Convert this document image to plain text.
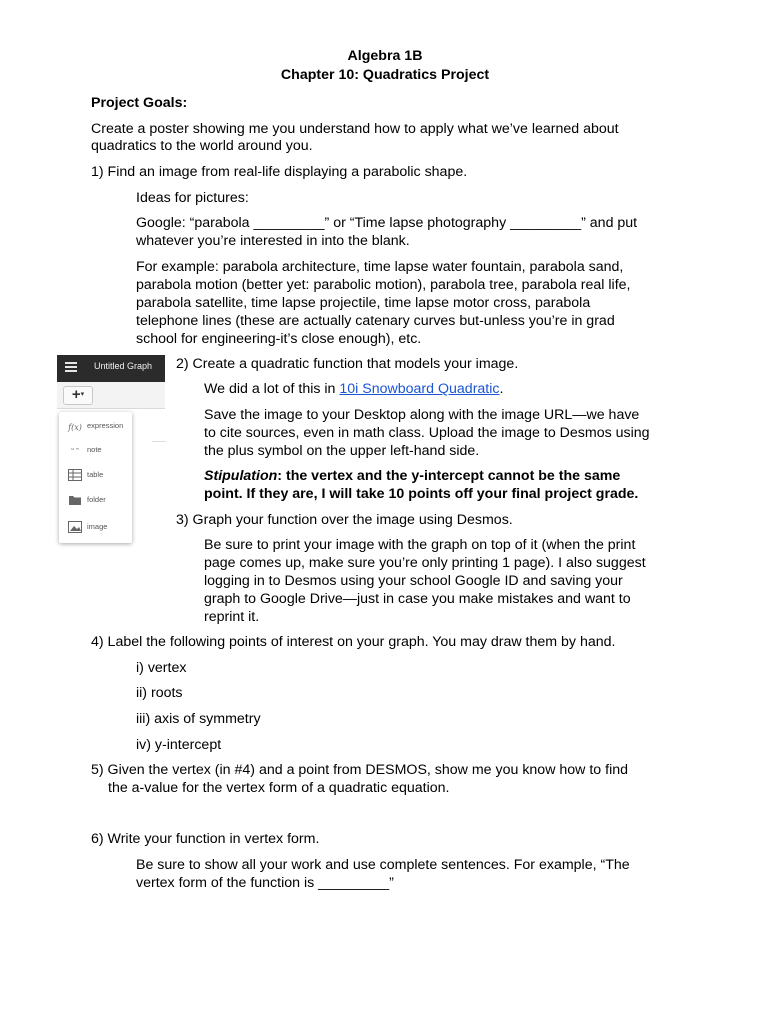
Algebra 1B

Chapter 10: Quadratics Project

Project Goals:

Create a poster showing me you understand how to apply what we’ve learned about

quadratics to the world around you.

1) Find an image from real-life displaying a parabolic shape.

Ideas for pictures:

Google: “parabola _________” or “Time lapse photography _________” and put

whatever you’re interested in into the blank.

For example: parabola architecture, time lapse water fountain, parabola sand,

parabola motion (better yet: parabolic motion), parabola tree, parabola real life,

parabola satellite, time lapse projectile, time lapse motor cross, parabola

telephone lines (these are actually catenary curves but-unless you’re in grad

school for engineering-it’s close enough), etc.

Untitled Graph
+▾
f(x) expression
“ ” note
table
folder
image

2) Create a quadratic function that models your image.

We did a lot of this in 10i Snowboard Quadratic.

Save the image to your Desktop along with the image URL—we have

to cite sources, even in math class. Upload the image to Desmos using

the plus symbol on the upper left-hand side.

Stipulation: the vertex and the y-intercept cannot be the same

point. If they are, I will take 10 points off your final project grade.

3) Graph your function over the image using Desmos.

Be sure to print your image with the graph on top of it (when the print

page comes up, make sure you’re only printing 1 page). I also suggest

logging in to Desmos using your school Google ID and saving your

graph to Google Drive—just in case you make mistakes and want to

reprint it.

4) Label the following points of interest on your graph. You may draw them by hand.

i) vertex

ii) roots

iii) axis of symmetry

iv) y-intercept

5) Given the vertex (in #4) and a point from DESMOS, show me you know how to find

the a-value for the vertex form of a quadratic equation.

6) Write your function in vertex form.

Be sure to show all your work and use complete sentences. For example, “The

vertex form of the function is _________”
